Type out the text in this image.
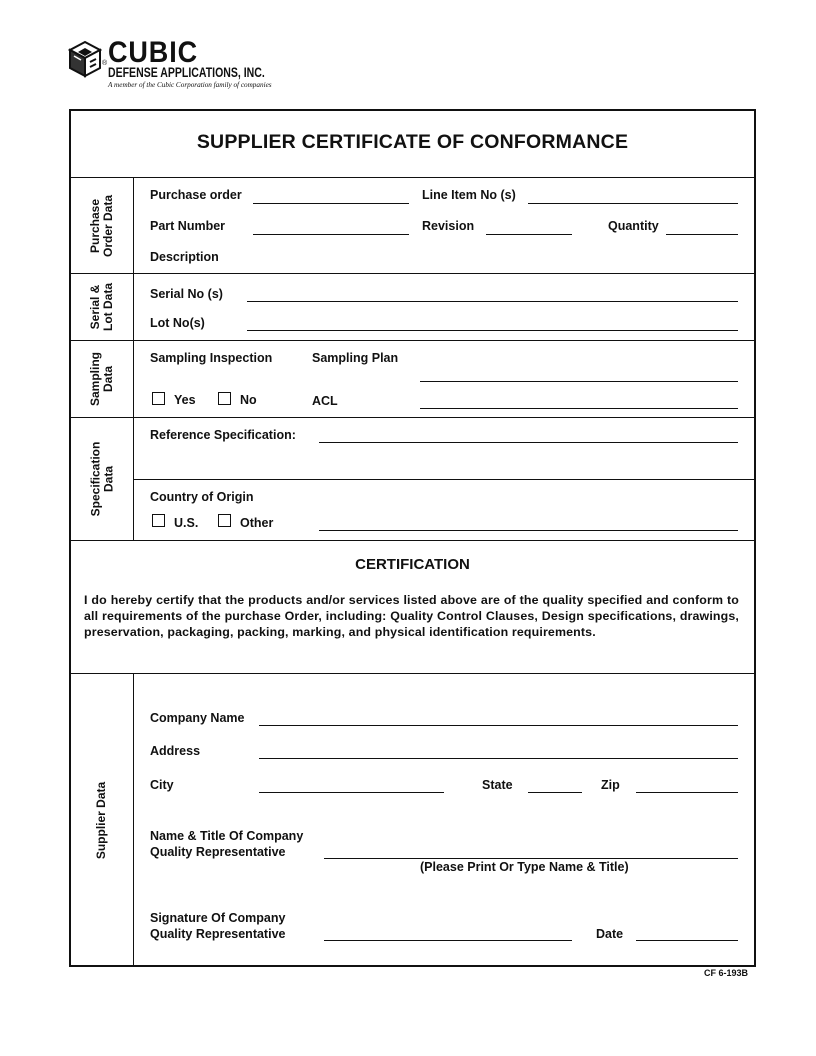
® CUBIC
DEFENSE APPLICATIONS, INC.
A member of the Cubic Corporation family of companies
SUPPLIER CERTIFICATE OF CONFORMANCE
Purchase
Order Data
Serial &
Lot Data
Sampling
Data
Specification
Data
Supplier Data
Purchase order	Line Item No (s)
Part Number	Revision	Quantity
Description
Serial No (s)
Lot No(s)
Sampling Inspection	Sampling Plan
Yes	No	ACL
Reference Specification:
Country of Origin
U.S.	Other
CERTIFICATION
I do hereby certify that the products and/or services listed above are of the quality specified and conform to all requirements of the purchase Order, including: Quality Control Clauses, Design specifications, drawings, preservation, packaging, packing, marking, and physical identification requirements.
Company Name
Address
City	State	Zip
Name & Title Of Company
Quality Representative
(Please Print Or Type Name & Title)
Signature Of Company
Quality Representative	Date
CF 6-193B
